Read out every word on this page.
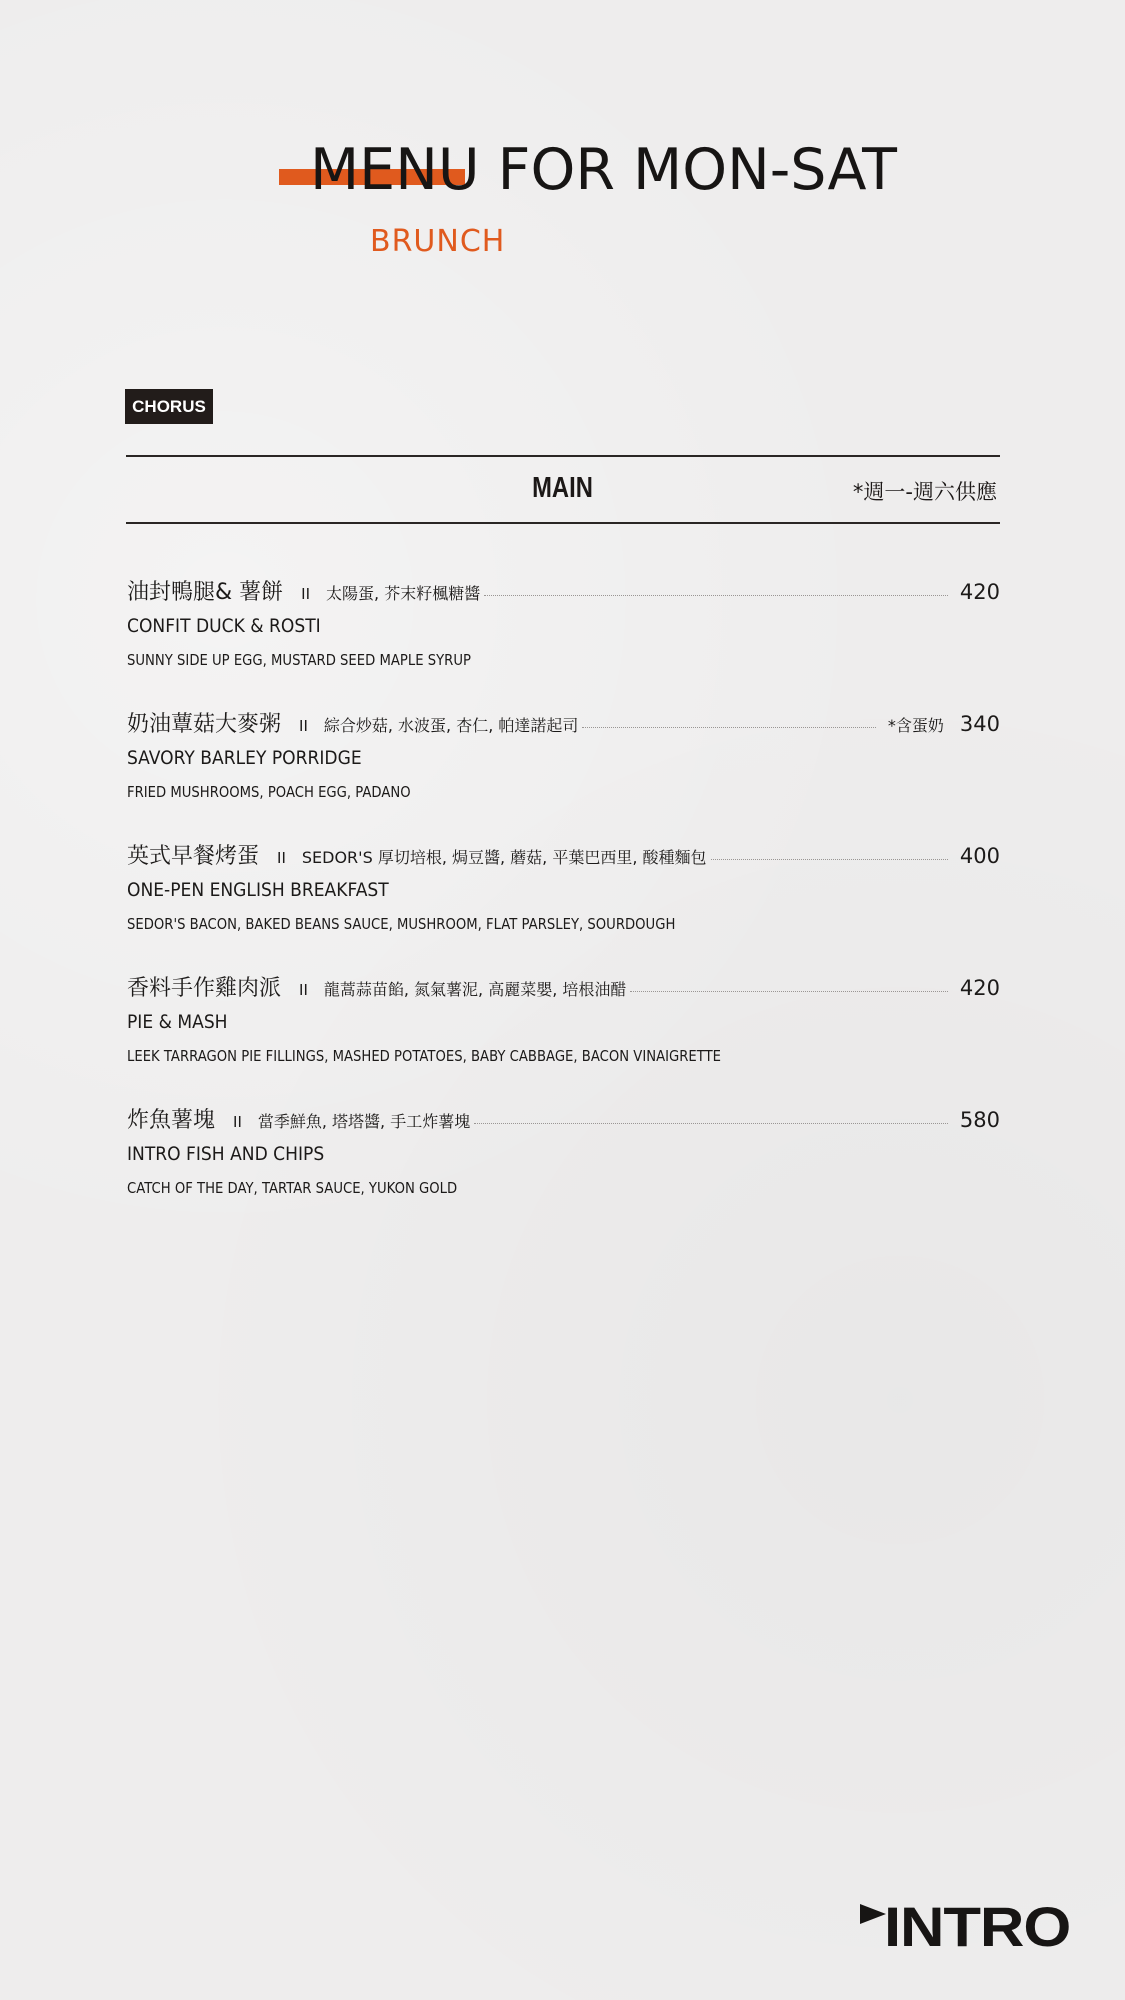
MENU FOR MON-SAT
BRUNCH
CHORUS
MAIN	*週一-週六供應
油封鴨腿& 薯餅 II 太陽蛋, 芥末籽楓糖醬	420
CONFIT DUCK & ROSTI
SUNNY SIDE UP EGG, MUSTARD SEED MAPLE SYRUP
奶油蕈菇大麥粥 II 綜合炒菇, 水波蛋, 杏仁, 帕達諾起司	*含蛋奶 340
SAVORY BARLEY PORRIDGE
FRIED MUSHROOMS, POACH EGG, PADANO
英式早餐烤蛋 II SEDOR'S 厚切培根, 焗豆醬, 蘑菇, 平葉巴西里, 酸種麵包	400
ONE-PEN ENGLISH BREAKFAST
SEDOR'S BACON, BAKED BEANS SAUCE, MUSHROOM, FLAT PARSLEY, SOURDOUGH
香料手作雞肉派 II 龍蒿蒜苗餡, 氮氣薯泥, 高麗菜嬰, 培根油醋	420
PIE & MASH
LEEK TARRAGON PIE FILLINGS, MASHED POTATOES, BABY CABBAGE, BACON VINAIGRETTE
炸魚薯塊 II 當季鮮魚, 塔塔醬, 手工炸薯塊	580
INTRO FISH AND CHIPS
CATCH OF THE DAY, TARTAR SAUCE, YUKON GOLD
INTRO
